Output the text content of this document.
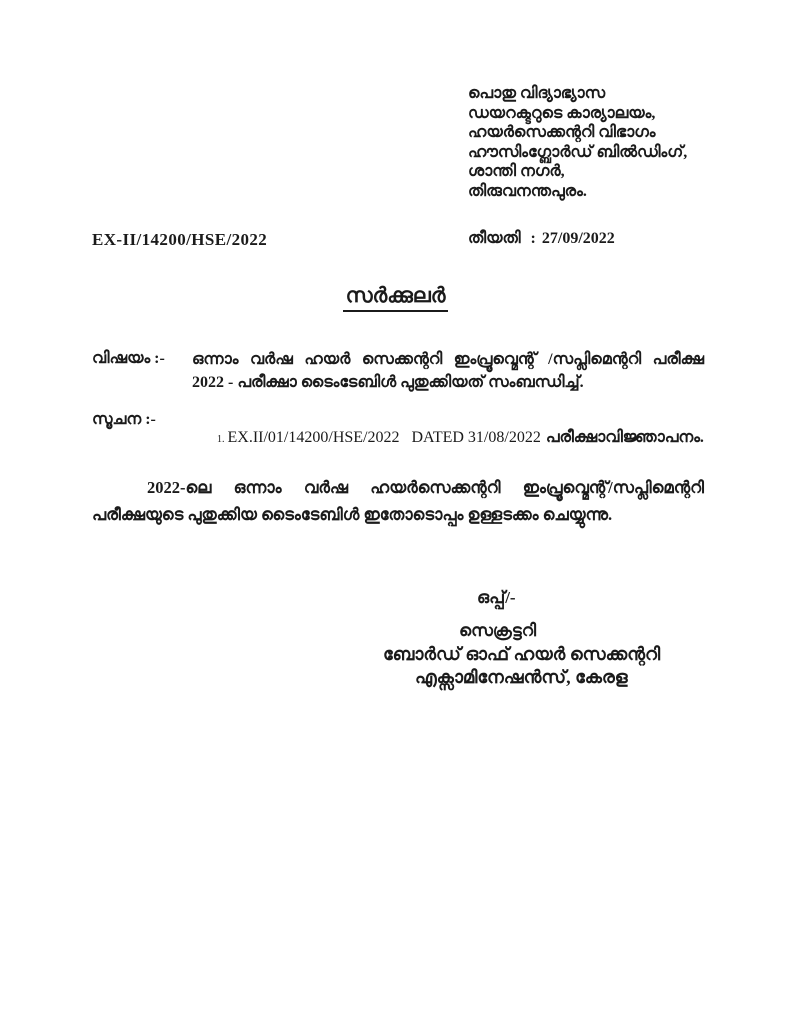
പൊതു വിദ്യാഭ്യാസ
ഡയറക്ടറുടെ കാര്യാലയം,
ഹയർസെക്കന്ററി വിഭാഗം
ഹൗസിംഗ്ബോർഡ് ബിൽഡിംഗ്,
ശാന്തി നഗർ,
തിരുവനന്തപുരം.
EX-II/14200/HSE/2022	തീയതി : 27/09/2022
സർക്കുലർ
വിഷയം :- ഒന്നാം വർഷ ഹയർ സെക്കന്ററി ഇംപ്രൂവ്മെന്റ് /സപ്ലിമെന്ററി പരീക്ഷ
2022 - പരീക്ഷാ ടൈംടേബിൾ പുതുക്കിയത് സംബന്ധിച്ച്.
സൂചന :-

1. EX.II/01/14200/HSE/2022   DATED 31/08/2022 പരീക്ഷാവിജ്ഞാപനം.

2022-ലെ ഒന്നാം വർഷ ഹയർസെക്കന്ററി ഇംപ്രൂവ്മെന്റ്/സപ്ലിമെന്ററി പരീക്ഷയുടെ പുതുക്കിയ ടൈംടേബിൾ ഇതോടൊപ്പം ഉള്ളടക്കം ചെയ്യുന്നു.

ഒപ്പ്/-
സെക്രട്ടറി
ബോർഡ് ഓഫ് ഹയർ സെക്കന്ററി
എക്സാമിനേഷൻസ്, കേരള
